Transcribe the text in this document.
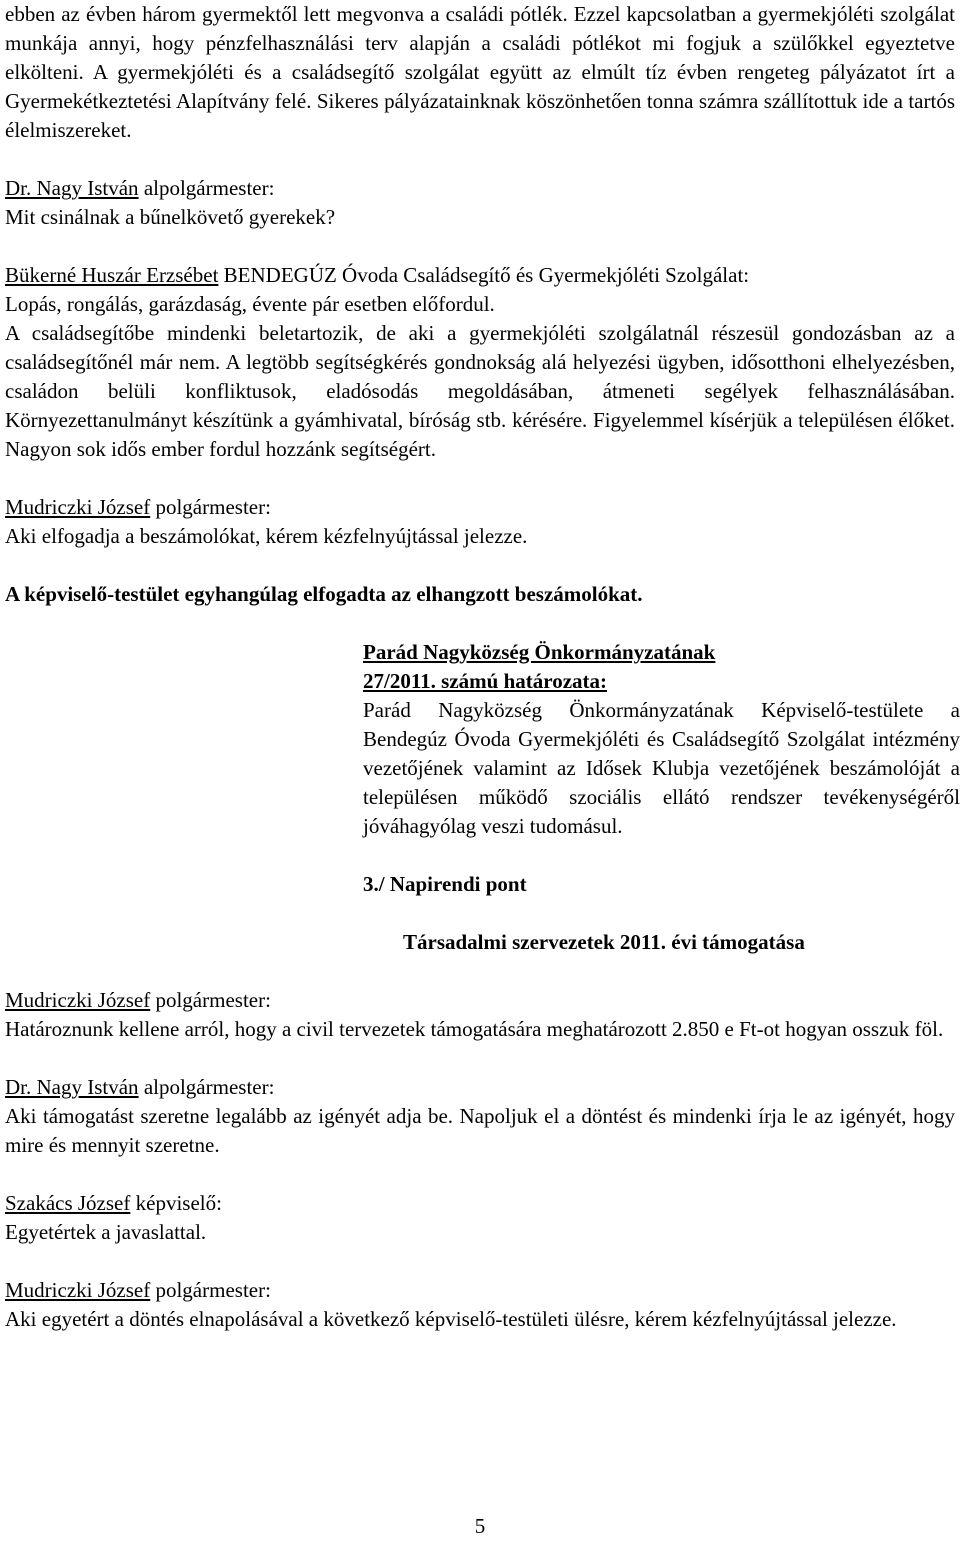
ebben az évben három gyermektől lett megvonva a családi pótlék. Ezzel kapcsolatban a gyermekjóléti szolgálat munkája annyi, hogy pénzfelhasználási terv alapján a családi pótlékot mi fogjuk a szülőkkel egyeztetve elkölteni. A gyermekjóléti és a családsegítő szolgálat együtt az elmúlt tíz évben rengeteg pályázatot írt a Gyermekétkeztetési Alapítvány felé. Sikeres pályázatainknak köszönhetően tonna számra szállítottuk ide a tartós élelmiszereket.

Dr. Nagy István alpolgármester:

Mit csinálnak a bűnelkövető gyerekek?

Bükerné Huszár Erzsébet BENDEGÚZ Óvoda Családsegítő és Gyermekjóléti Szolgálat:

Lopás, rongálás, garázdaság, évente pár esetben előfordul.

A családsegítőbe mindenki beletartozik, de aki a gyermekjóléti szolgálatnál részesül gondozásban az a családsegítőnél már nem. A legtöbb segítségkérés gondnokság alá helyezési ügyben, idősotthoni elhelyezésben, családon belüli konfliktusok, eladósodás megoldásában, átmeneti segélyek felhasználásában. Környezettanulmányt készítünk a gyámhivatal, bíróság stb. kérésére. Figyelemmel kísérjük a településen élőket. Nagyon sok idős ember fordul hozzánk segítségért.

Mudriczki József polgármester:

Aki elfogadja a beszámolókat, kérem kézfelnyújtással jelezze.

A képviselő-testület egyhangúlag elfogadta az elhangzott beszámolókat.

Parád Nagyközség Önkormányzatának
27/2011. számú határozata:

Parád Nagyközség Önkormányzatának Képviselő-testülete a Bendegúz Óvoda Gyermekjóléti és Családsegítő Szolgálat intézmény vezetőjének valamint az Idősek Klubja vezetőjének beszámolóját a településen működő szociális ellátó rendszer tevékenységéről jóváhagyólag veszi tudomásul.

3./ Napirendi pont
Társadalmi szervezetek 2011. évi támogatása
Mudriczki József polgármester:

Határoznunk kellene arról, hogy a civil tervezetek támogatására meghatározott 2.850 e Ft-ot hogyan osszuk föl.

Dr. Nagy István alpolgármester:

Aki támogatást szeretne legalább az igényét adja be. Napoljuk el a döntést és mindenki írja le az igényét, hogy mire és mennyit szeretne.

Szakács József képviselő:

Egyetértek a javaslattal.

Mudriczki József polgármester:

Aki egyetért a döntés elnapolásával a következő képviselő-testületi ülésre, kérem kézfelnyújtással jelezze.

5
